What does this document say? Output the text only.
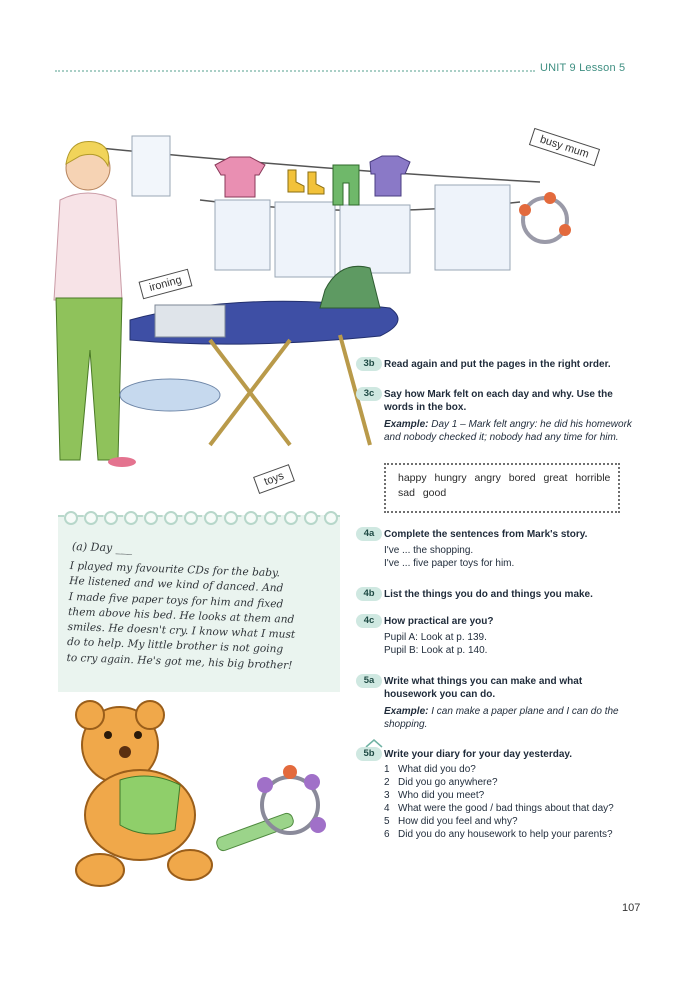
UNIT 9 Lesson 5
busy mum
ironing
toys
(a) Day ___
I played my favourite CDs for the baby.
He listened and we kind of danced. And
I made five paper toys for him and fixed
them above his bed. He looks at them and
smiles. He doesn't cry. I know what I must
do to help. My little brother is not going
to cry again. He's got me, his big brother!
3b Read again and put the pages in the right order.
3c Say how Mark felt on each day and why. Use the words in the box.
Example: Day 1 – Mark felt angry: he did his homework and nobody checked it; nobody had any time for him.
happy hungry angry bored great horrible sad good
4a Complete the sentences from Mark's story.
I've ... the shopping.
I've ... five paper toys for him.
4b List the things you do and things you make.
4c How practical are you?
Pupil A: Look at p. 139.
Pupil B: Look at p. 140.
5a Write what things you can make and what housework you can do.
Example: I can make a paper plane and I can do the shopping.
5b Write your diary for your day yesterday.
1 What did you do?
2 Did you go anywhere?
3 Who did you meet?
4 What were the good / bad things about that day?
5 How did you feel and why?
6 Did you do any housework to help your parents?
107
